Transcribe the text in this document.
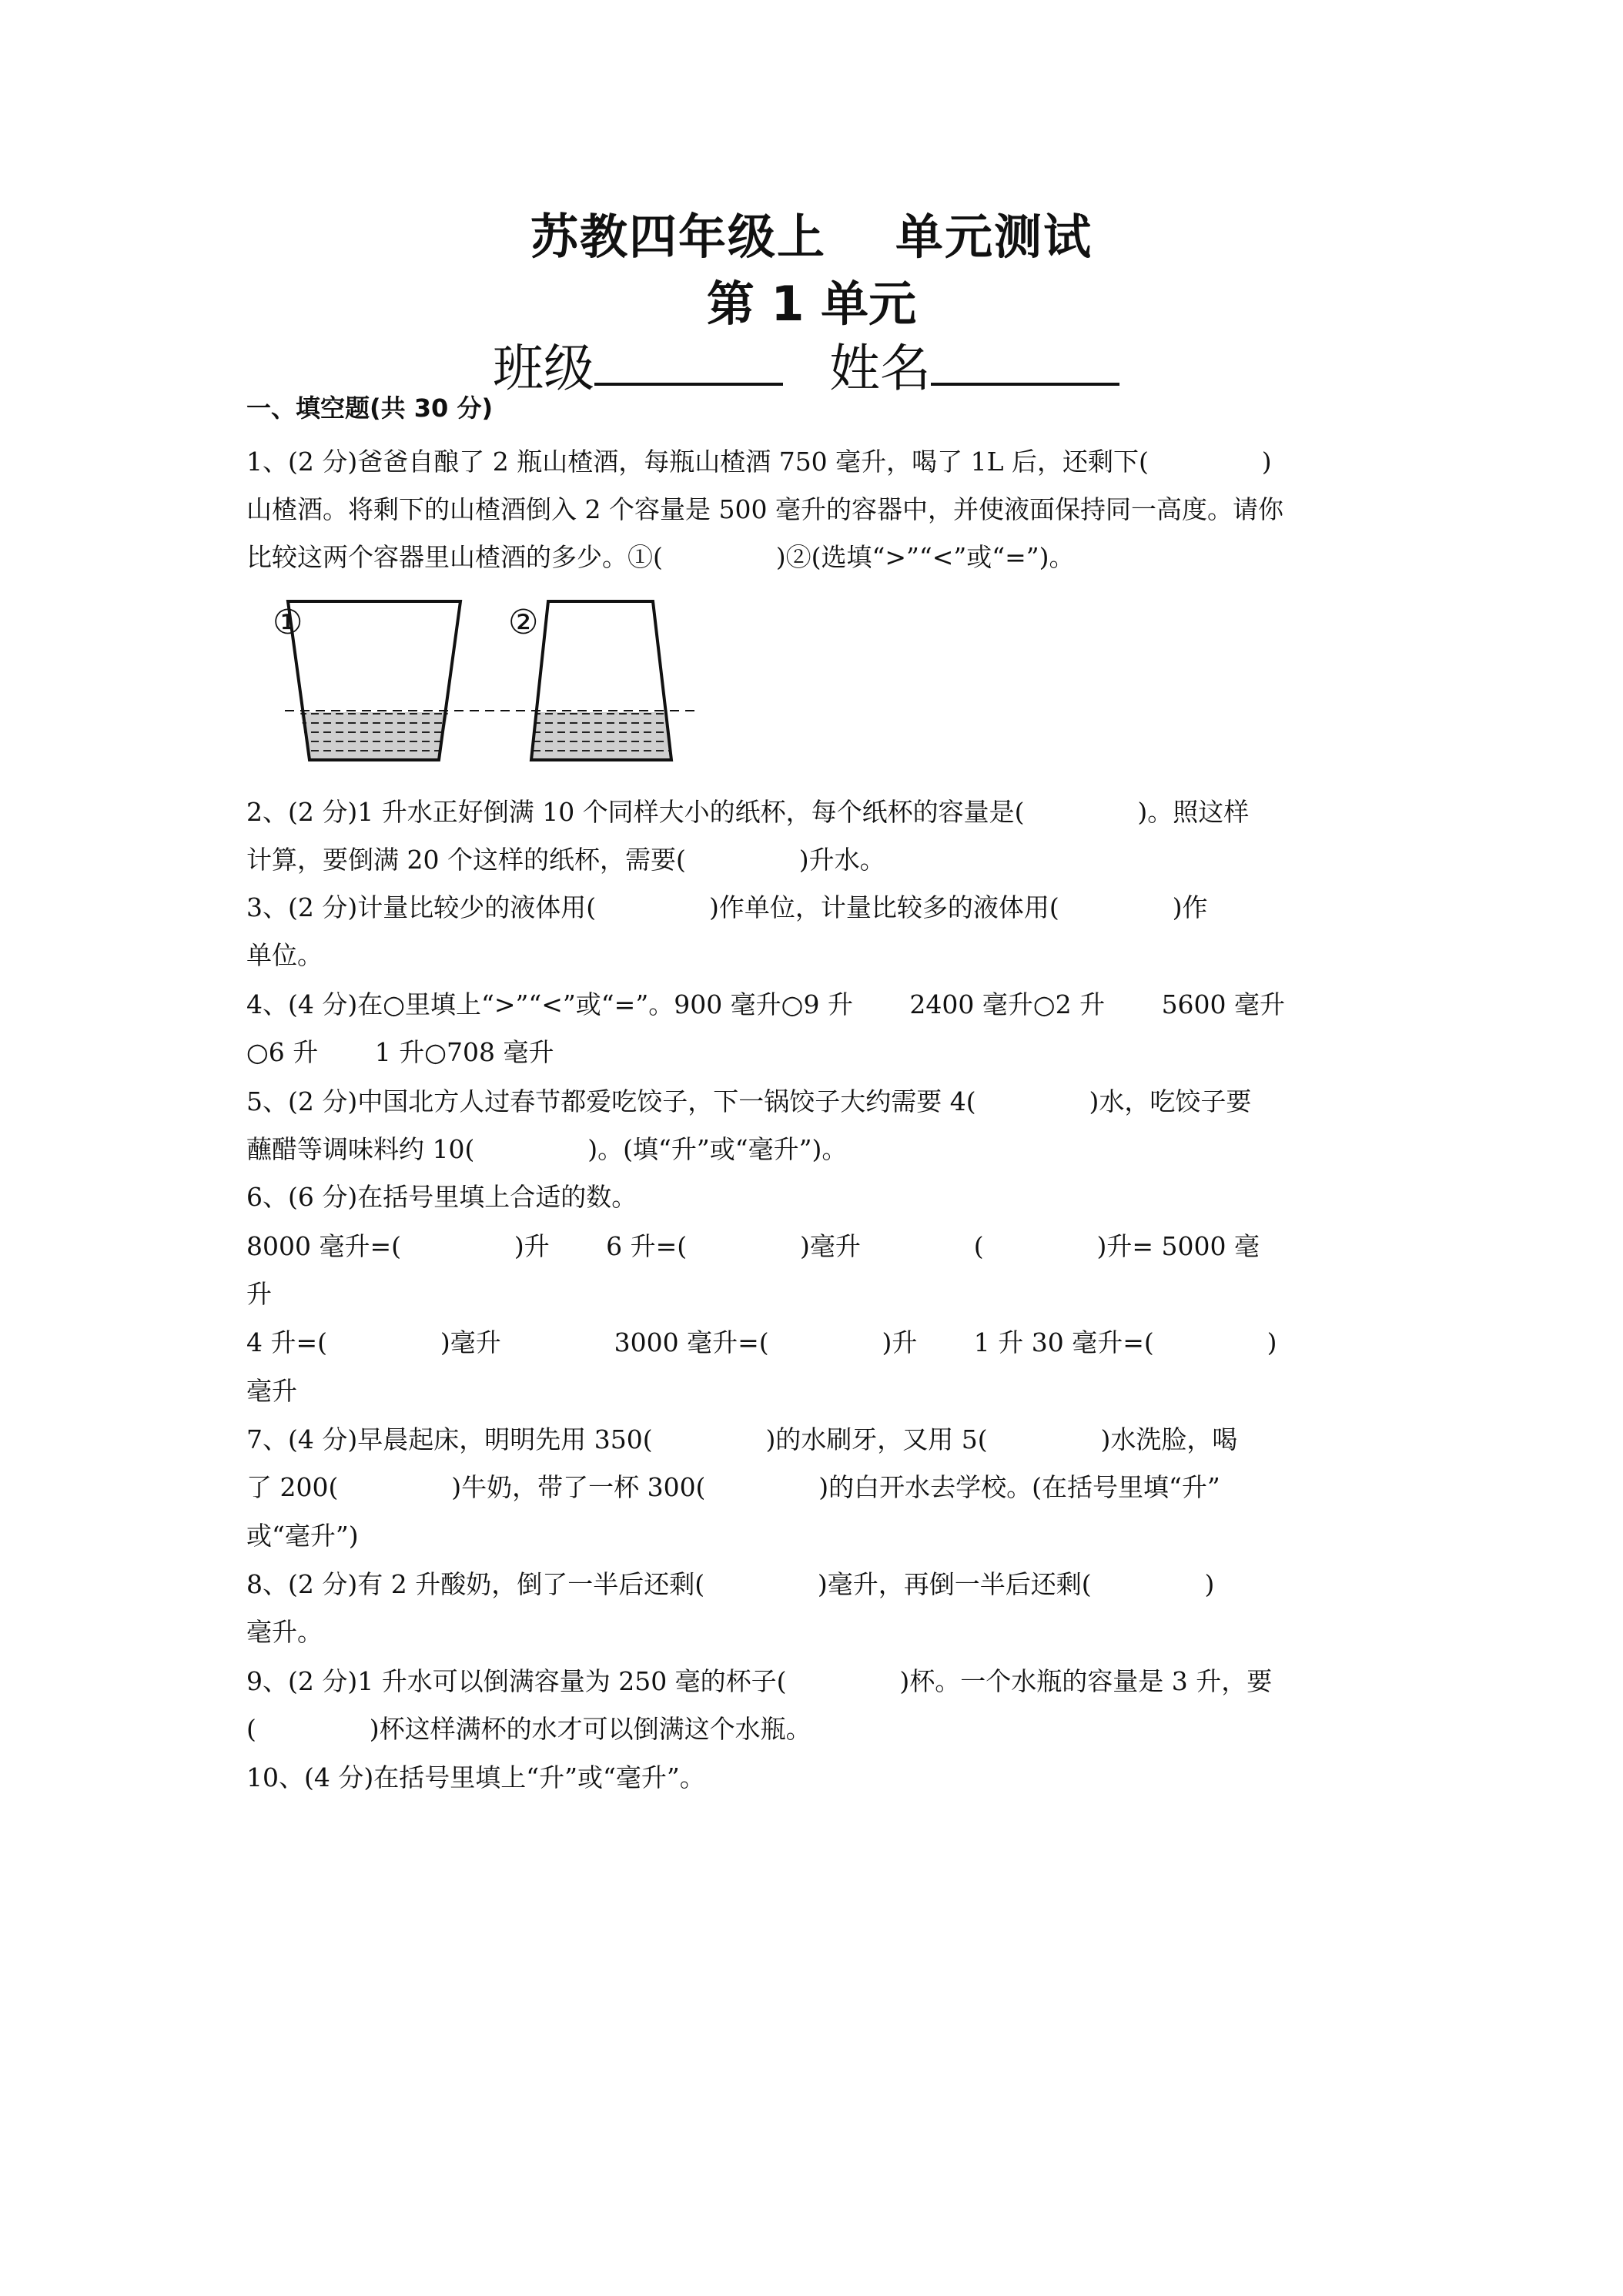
苏教四年级上 单元测试
第 1 单元
班级	姓名
一、填空题(共 30 分)
1、(2 分)爸爸自酿了 2 瓶山楂酒，每瓶山楂酒 750 毫升，喝了 1L 后，还剩下(              )
山楂酒。将剩下的山楂酒倒入 2 个容量是 500 毫升的容器中，并使液面保持同一高度。请你
比较这两个容器里山楂酒的多少。①(              )②(选填“>”“<”或“=”)。
①	②
2、(2 分)1 升水正好倒满 10 个同样大小的纸杯，每个纸杯的容量是(              )。照这样
计算，要倒满 20 个这样的纸杯，需要(              )升水。
3、(2 分)计量比较少的液体用(              )作单位，计量比较多的液体用(              )作
单位。
4、(4 分)在○里填上“>”“<”或“=”。900 毫升○9 升       2400 毫升○2 升       5600 毫升
○6 升       1 升○708 毫升
5、(2 分)中国北方人过春节都爱吃饺子，下一锅饺子大约需要 4(              )水，吃饺子要
蘸醋等调味料约 10(              )。(填“升”或“毫升”)。
6、(6 分)在括号里填上合适的数。
8000 毫升=(              )升       6 升=(              )毫升              (              )升= 5000 毫
升
4 升=(              )毫升              3000 毫升=(              )升       1 升 30 毫升=(              )
毫升
7、(4 分)早晨起床，明明先用 350(              )的水刷牙，又用 5(              )水洗脸，喝
了 200(              )牛奶，带了一杯 300(              )的白开水去学校。(在括号里填“升”
或“毫升”)
8、(2 分)有 2 升酸奶，倒了一半后还剩(              )毫升，再倒一半后还剩(              )
毫升。
9、(2 分)1 升水可以倒满容量为 250 毫的杯子(              )杯。一个水瓶的容量是 3 升，要
(              )杯这样满杯的水才可以倒满这个水瓶。
10、(4 分)在括号里填上“升”或“毫升”。
